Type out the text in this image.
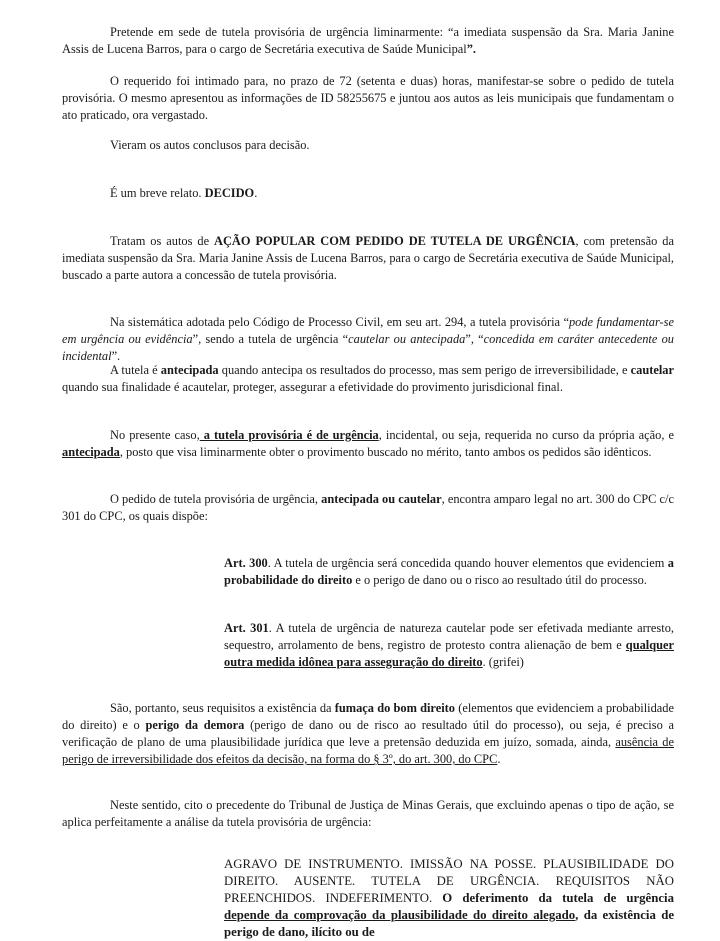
Pretende em sede de tutela provisória de urgência liminarmente: “a imediata suspensão da Sra. Maria Janine Assis de Lucena Barros, para o cargo de Secretária executiva de Saúde Municipal”.

O requerido foi intimado para, no prazo de 72 (setenta e duas) horas, manifestar-se sobre o pedido de tutela provisória. O mesmo apresentou as informações de ID 58255675 e juntou aos autos as leis municipais que fundamentam o ato praticado, ora vergastado.

Vieram os autos conclusos para decisão.

É um breve relato. DECIDO.

Tratam os autos de AÇÃO POPULAR COM PEDIDO DE TUTELA DE URGÊNCIA, com pretensão da imediata suspensão da Sra. Maria Janine Assis de Lucena Barros, para o cargo de Secretária executiva de Saúde Municipal, buscado a parte autora a concessão de tutela provisória.

Na sistemática adotada pelo Código de Processo Civil, em seu art. 294, a tutela provisória “pode fundamentar-se em urgência ou evidência”, sendo a tutela de urgência “cautelar ou antecipada”, “concedida em caráter antecedente ou incidental”.

A tutela é antecipada quando antecipa os resultados do processo, mas sem perigo de irreversibilidade, e cautelar quando sua finalidade é acautelar, proteger, assegurar a efetividade do provimento jurisdicional final.

No presente caso, a tutela provisória é de urgência, incidental, ou seja, requerida no curso da própria ação, e antecipada, posto que visa liminarmente obter o provimento buscado no mérito, tanto ambos os pedidos são idênticos.

O pedido de tutela provisória de urgência, antecipada ou cautelar, encontra amparo legal no art. 300 do CPC c/c 301 do CPC, os quais dispõe:

Art. 300. A tutela de urgência será concedida quando houver elementos que evidenciem a probabilidade do direito e o perigo de dano ou o risco ao resultado útil do processo.

Art. 301. A tutela de urgência de natureza cautelar pode ser efetivada mediante arresto, sequestro, arrolamento de bens, registro de protesto contra alienação de bem e qualquer outra medida idônea para asseguração do direito. (grifei)

São, portanto, seus requisitos a existência da fumaça do bom direito (elementos que evidenciem a probabilidade do direito) e o perigo da demora (perigo de dano ou de risco ao resultado útil do processo), ou seja, é preciso a verificação de plano de uma plausibilidade jurídica que leve a pretensão deduzida em juízo, somada, ainda, ausência de perigo de irreversibilidade dos efeitos da decisão, na forma do § 3º, do art. 300, do CPC.

Neste sentido, cito o precedente do Tribunal de Justiça de Minas Gerais, que excluindo apenas o tipo de ação, se aplica perfeitamente a análise da tutela provisória de urgência:

AGRAVO DE INSTRUMENTO. IMISSÃO NA POSSE. PLAUSIBILIDADE DO DIREITO. AUSENTE. TUTELA DE URGÊNCIA. REQUISITOS NÃO PREENCHIDOS. INDEFERIMENTO. O deferimento da tutela de urgência depende da comprovação da plausibilidade do direito alegado, da existência de perigo de dano, ilícito ou de
